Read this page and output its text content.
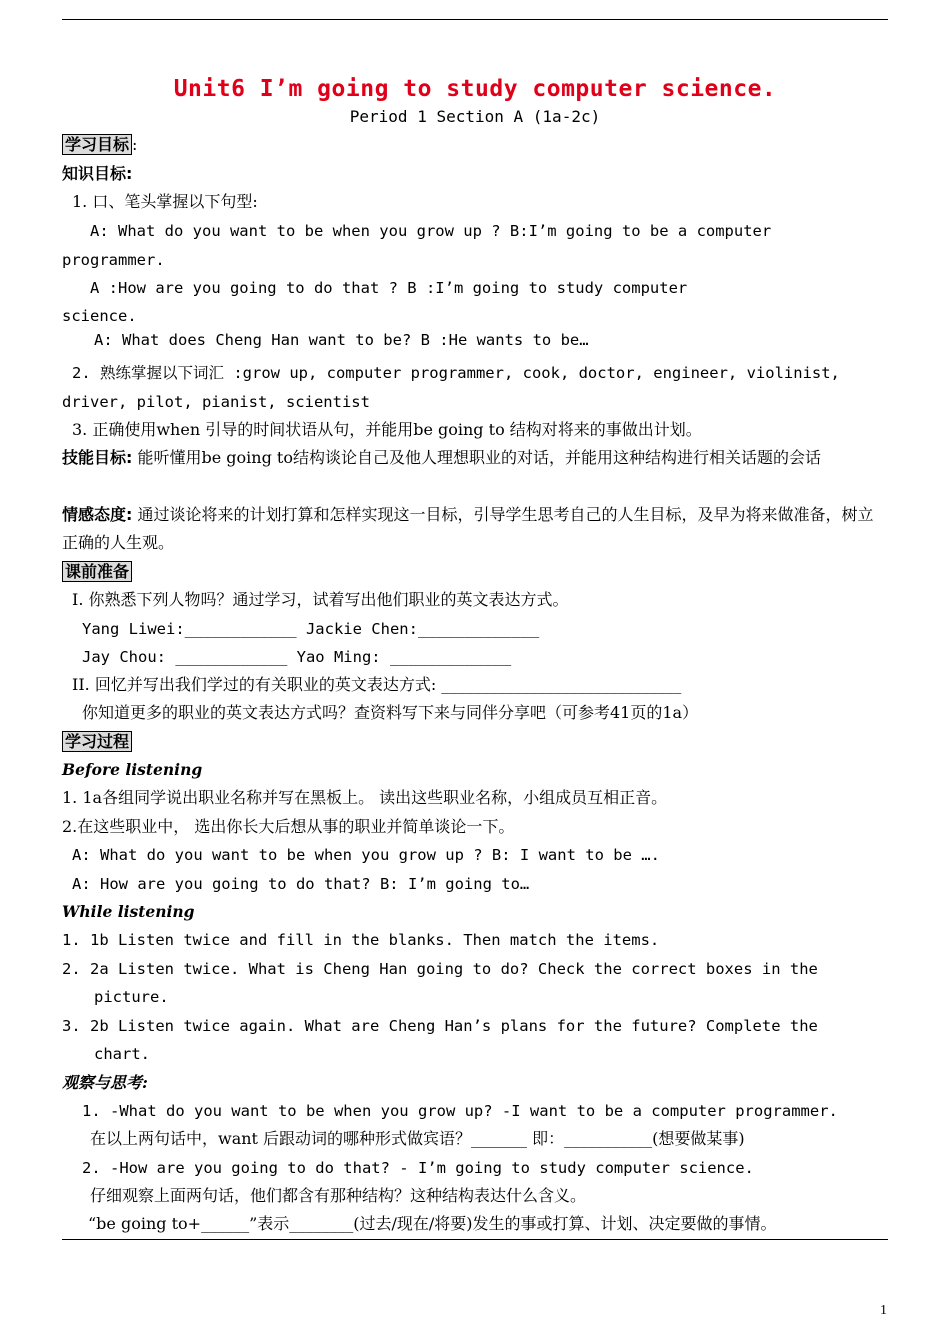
Unit6 I’m going to study computer science.
Period 1 Section A (1a-2c)
学习目标 :
知识目标:
1. 口、笔头掌握以下句型:
A: What do you want to be when you grow up ? B:I’m going to be a computer
programmer.
A :How are you going to do that ? B :I’m going to study computer
science.
A: What does Cheng Han want to be? B :He wants to be…
2. 熟练掌握以下词汇 :grow up, computer programmer, cook, doctor, engineer, violinist,
driver, pilot, pianist, scientist
3. 正确使用when 引导的时间状语从句，并能用be going to 结构对将来的事做出计划。
技能目标: 能听懂用be going to结构谈论自己及他人理想职业的对话，并能用这种结构进行相关话题的会话
情感态度: 通过谈论将来的计划打算和怎样实现这一目标，引导学生思考自己的人生目标，及早为将来做准备，树立正确的人生观。
课前准备
I. 你熟悉下列人物吗？通过学习，试着写出他们职业的英文表达方式。
Yang Liwei:____________ Jackie Chen:_____________
Jay Chou: ____________ Yao Ming: _____________
II. 回忆并写出我们学过的有关职业的英文表达方式: ______________________________
你知道更多的职业的英文表达方式吗？查资料写下来与同伴分享吧（可参考41页的1a）
学习过程
Before listening
1. 1a各组同学说出职业名称并写在黑板上。 读出这些职业名称，小组成员互相正音。
2.在这些职业中， 选出你长大后想从事的职业并简单谈论一下。
A: What do you want to be when you grow up ? B: I want to be ….
A: How are you going to do that? B: I’m going to…
While listening
1. 1b Listen twice and fill in the blanks. Then match the items.
2. 2a Listen twice. What is Cheng Han going to do? Check the correct boxes in the
picture.
3. 2b Listen twice again. What are Cheng Han’s plans for the future? Complete the
chart.
观察与思考:
1. -What do you want to be when you grow up? -I want to be a computer programmer.
在以上两句话中，want 后跟动词的哪种形式做宾语？_______ 即：___________(想要做某事)
2. -How are you going to do that? - I’m going to study computer science.
仔细观察上面两句话，他们都含有那种结构？这种结构表达什么含义。
“be going to+______”表示________(过去/现在/将要)发生的事或打算、计划、决定要做的事情。
1
